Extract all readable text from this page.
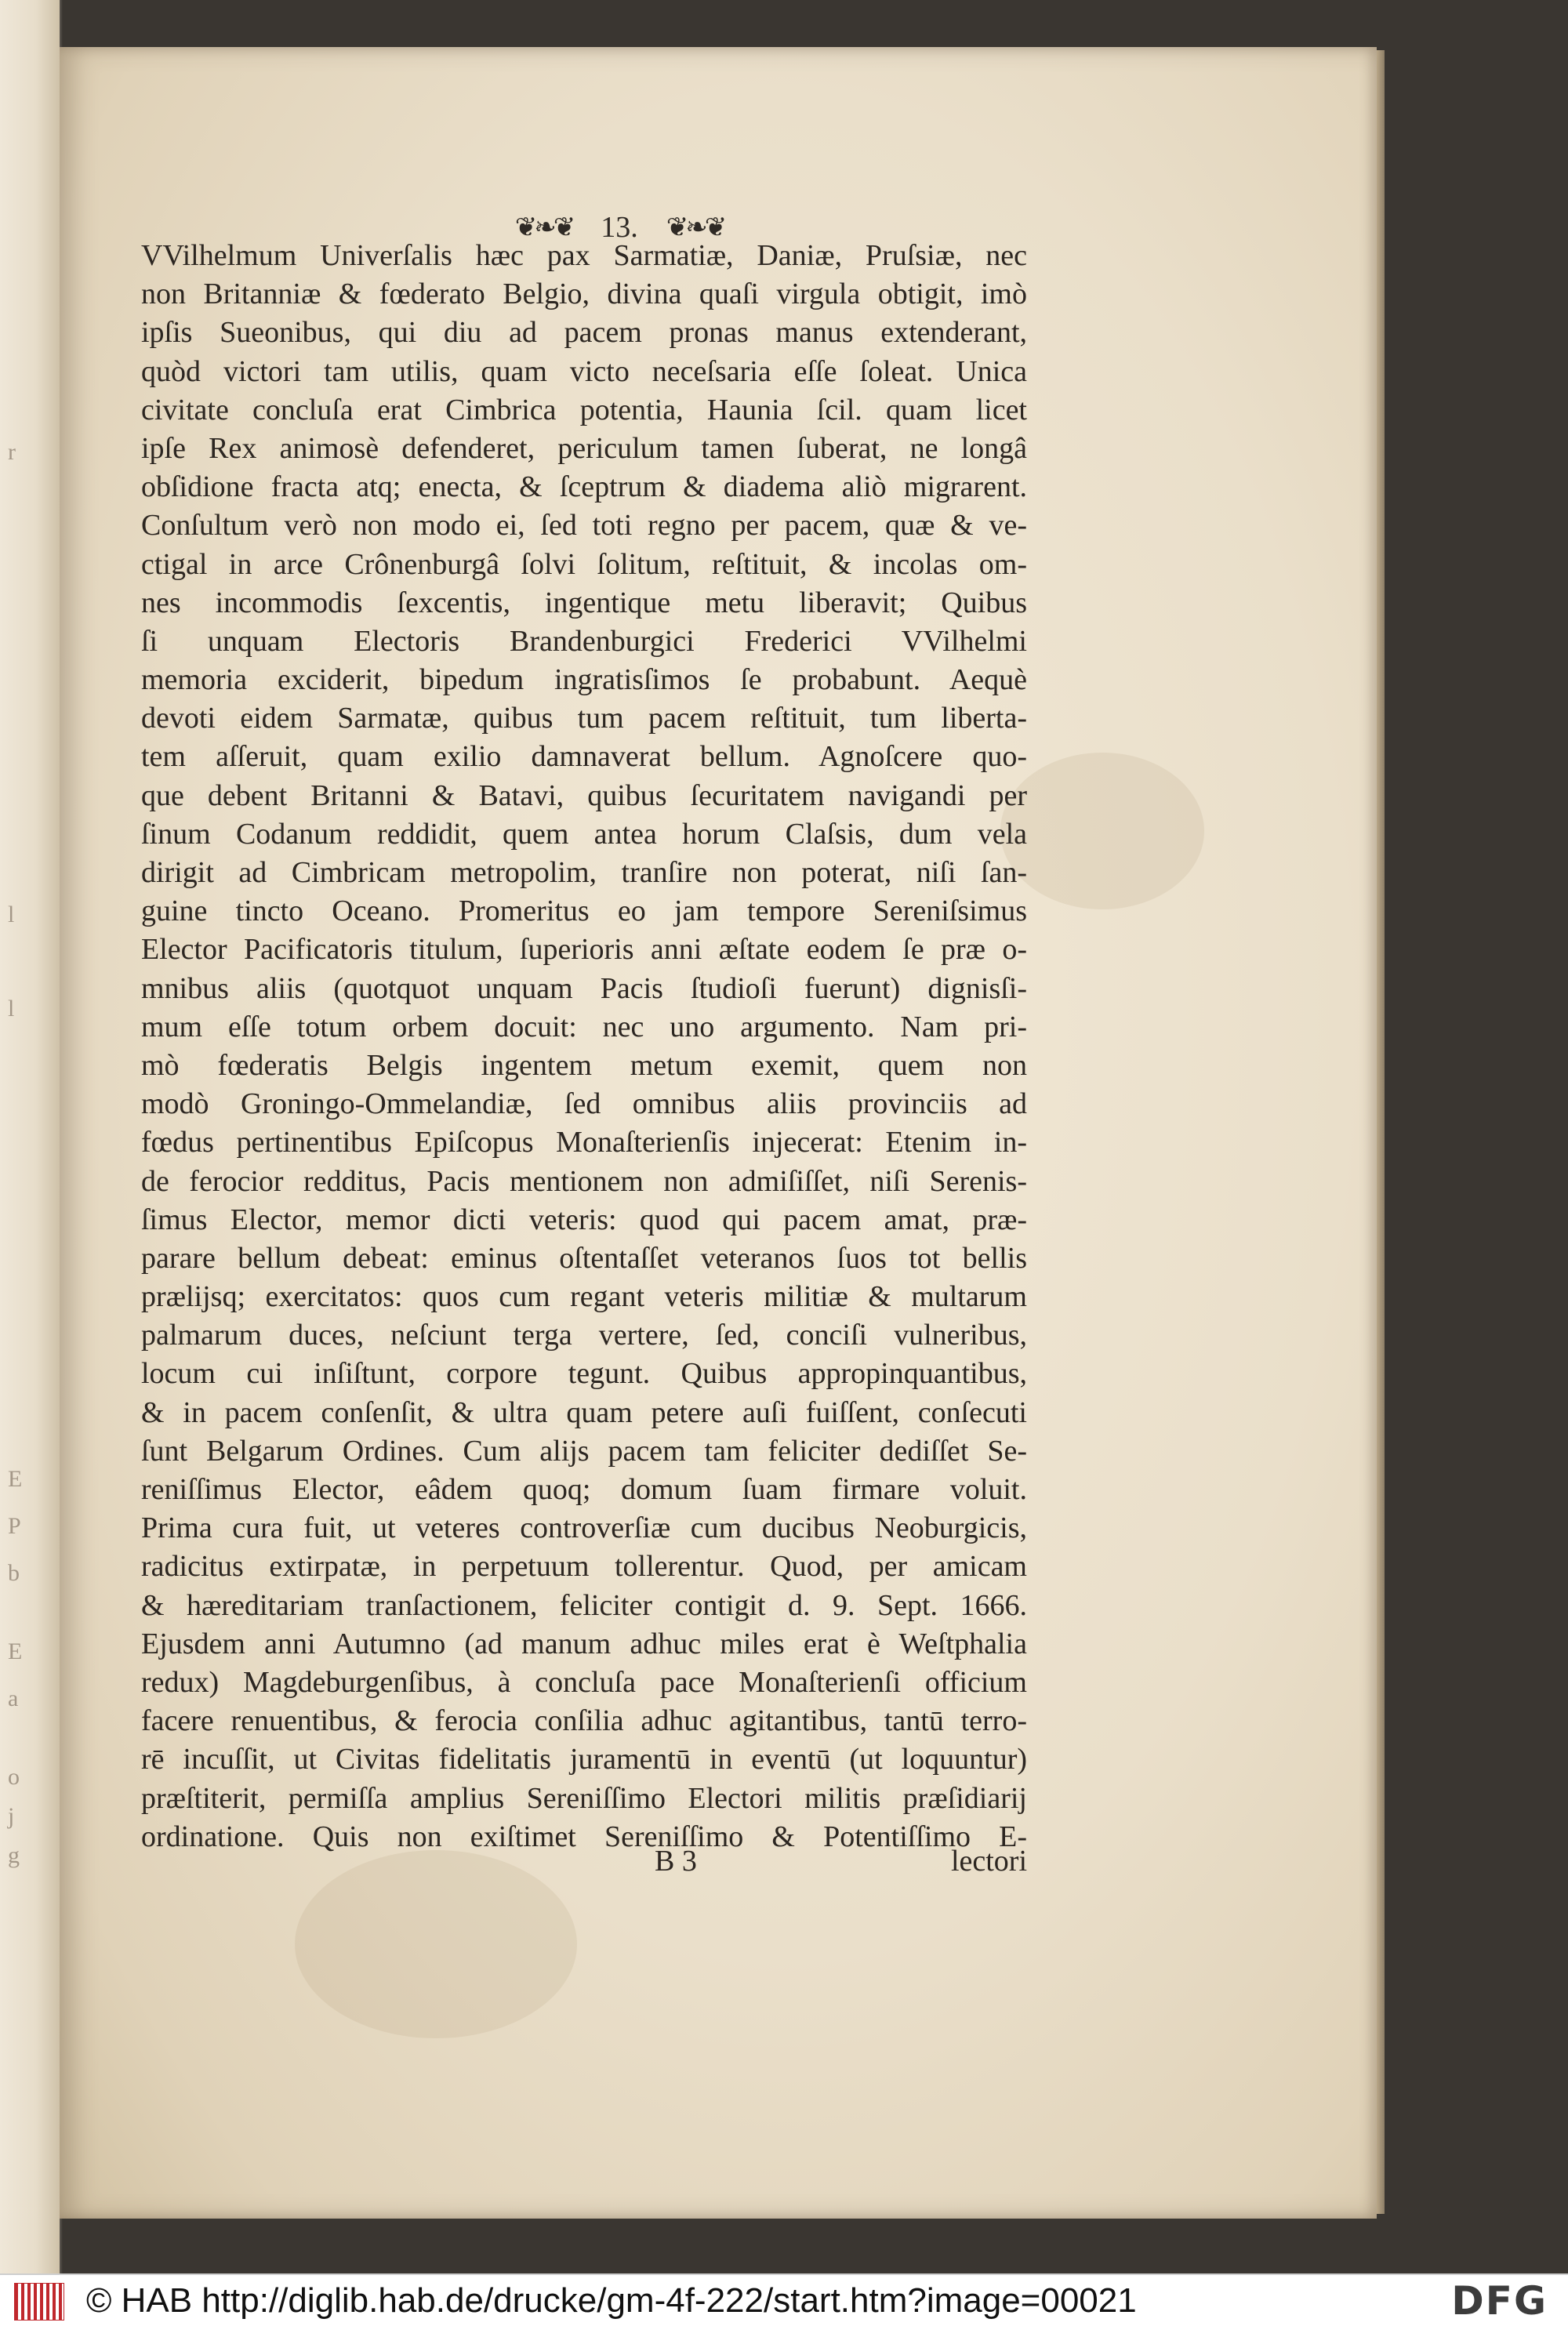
r
l
l
E
P
b
E
a
o
j
g
❦❧❦ 13. ❦❧❦
VVilhelmum Univerſalis hæc pax Sarmatiæ, Daniæ, Pruſsiæ, nec
non Britanniæ & fœderato Belgio, divina quaſi virgula obtigit, imò
ipſis Sueonibus, qui diu ad pacem pronas manus extenderant,
quòd victori tam utilis, quam victo neceſsaria eſſe ſoleat. Unica
civitate concluſa erat Cimbrica potentia, Haunia ſcil. quam licet
ipſe Rex animosè defenderet, periculum tamen ſuberat, ne longâ
obſidione fracta atq; enecta, & ſceptrum & diadema aliò migrarent.
Conſultum verò non modo ei, ſed toti regno per pacem, quæ & ve-
ctigal in arce Crônenburgâ ſolvi ſolitum, reſtituit, & incolas om-
nes incommodis ſexcentis, ingentique metu liberavit; Quibus
ſi unquam Electoris Brandenburgici Frederici VVilhelmi
memoria exciderit, bipedum ingratisſimos ſe probabunt. Aequè
devoti eidem Sarmatæ, quibus tum pacem reſtituit, tum liberta-
tem aſſeruit, quam exilio damnaverat bellum. Agnoſcere quo-
que debent Britanni & Batavi, quibus ſecuritatem navigandi per
ſinum Codanum reddidit, quem antea horum Claſsis, dum vela
dirigit ad Cimbricam metropolim, tranſire non poterat, niſi ſan-
guine tincto Oceano. Promeritus eo jam tempore Sereniſsimus
Elector Pacificatoris titulum, ſuperioris anni æſtate eodem ſe præ o-
mnibus aliis (quotquot unquam Pacis ſtudioſi fuerunt) dignisſi-
mum eſſe totum orbem docuit: nec uno argumento. Nam pri-
mò fœderatis Belgis ingentem metum exemit, quem non
modò Groningo-Ommelandiæ, ſed omnibus aliis provinciis ad
fœdus pertinentibus Epiſcopus Monaſterienſis injecerat: Etenim in-
de ferocior redditus, Pacis mentionem non admiſiſſet, niſi Serenis-
ſimus Elector, memor dicti veteris: quod qui pacem amat, præ-
parare bellum debeat: eminus oſtentaſſet veteranos ſuos tot bellis
prælijsq; exercitatos: quos cum regant veteris militiæ & multarum
palmarum duces, neſciunt terga vertere, ſed, conciſi vulneribus,
locum cui inſiſtunt, corpore tegunt. Quibus appropinquantibus,
& in pacem conſenſit, & ultra quam petere auſi fuiſſent, conſecuti
ſunt Belgarum Ordines. Cum alijs pacem tam feliciter dediſſet Se-
reniſſimus Elector, eâdem quoq; domum ſuam firmare voluit.
Prima cura fuit, ut veteres controverſiæ cum ducibus Neoburgicis,
radicitus extirpatæ, in perpetuum tollerentur. Quod, per amicam
& hæreditariam tranſactionem, feliciter contigit d. 9. Sept. 1666.
Ejusdem anni Autumno (ad manum adhuc miles erat è Weſtphalia
redux) Magdeburgenſibus, à concluſa pace Monaſterienſi officium
facere renuentibus, & ferocia conſilia adhuc agitantibus, tantū terro-
rē incuſſit, ut Civitas fidelitatis juramentū in eventū (ut loquuntur)
præſtiterit, permiſſa amplius Sereniſſimo Electori militis præſidiarij
ordinatione. Quis non exiſtimet Sereniſſimo & Potentiſſimo E-
B 3	lectori
© HAB http://diglib.hab.de/drucke/gm-4f-222/start.htm?image=00021	DFG
